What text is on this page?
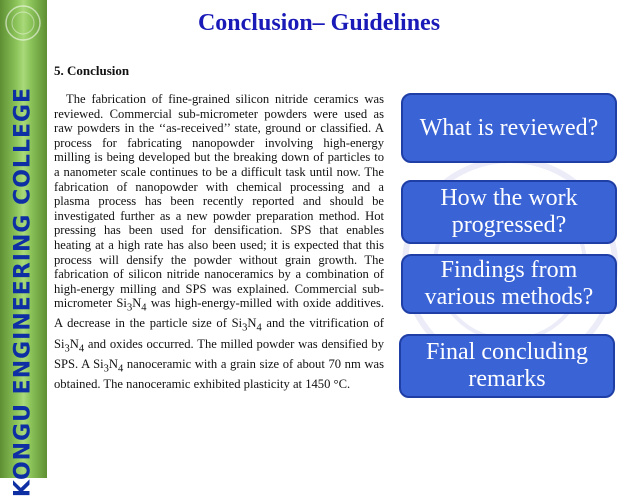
KONGU ENGINEERING COLLEGE
Conclusion– Guidelines
5. Conclusion
The fabrication of fine-grained silicon nitride ceramics was reviewed. Commercial sub-micrometer powders were used as raw powders in the ‘‘as-received’’ state, ground or classified. A process for fabricating nanopowder involving high-energy milling is being developed but the breaking down of particles to a nanometer scale continues to be a difficult task until now. The fabrication of nanopowder with chemical processing and a plasma process has been recently reported and should be investigated further as a new powder preparation method. Hot pressing has been used for densification. SPS that enables heating at a high rate has also been used; it is expected that this process will densify the powder without grain growth. The fabrication of silicon nitride nanoceramics by a combination of high-energy milling and SPS was explained. Commercial sub-micrometer $Si_3N_4$ was high-energy-milled with oxide additives. A decrease in the particle size of $Si_3N_4$ and the vitrification of $Si_3N_4$ and oxides occurred. The milled powder was densified by SPS. A $Si_3N_4$ nanoceramic with a grain size of about 70 nm was obtained. The nanoceramic exhibited plasticity at 1450 °C.
What is reviewed?
How the work progressed?
Findings from various methods?
Final concluding remarks
